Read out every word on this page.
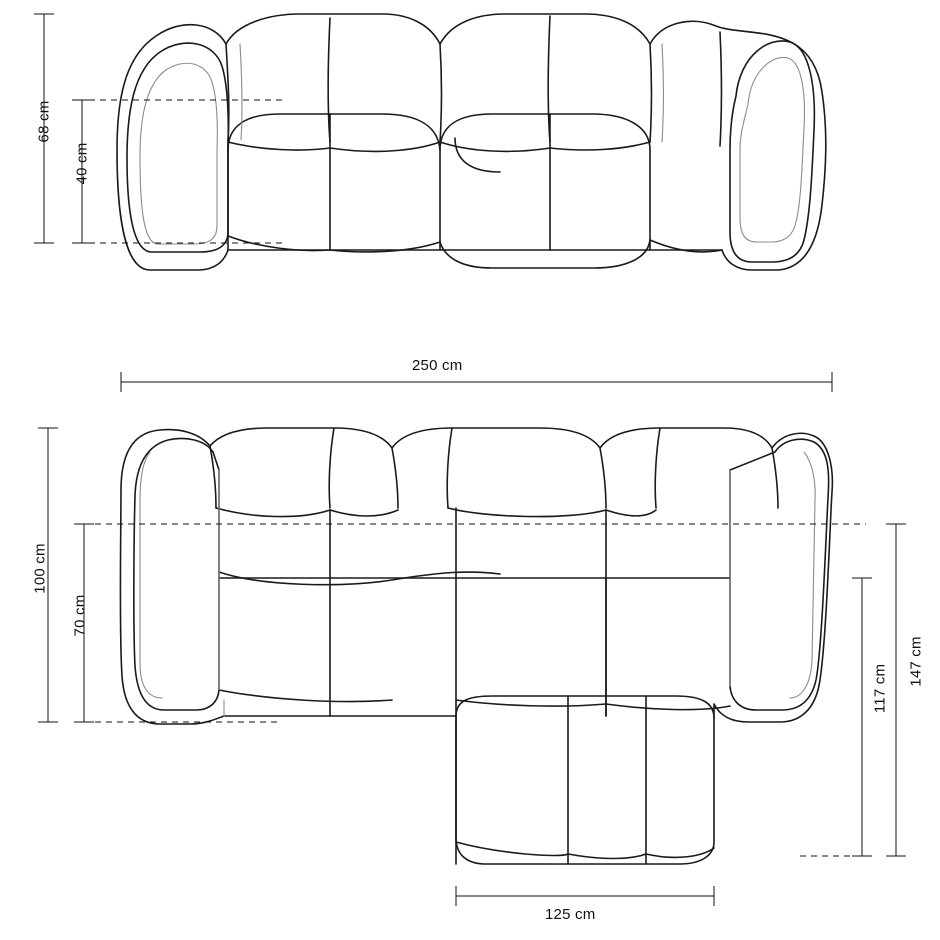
68 cm
40 cm
250 cm
100 cm
70 cm
147 cm
117 cm
125 cm
